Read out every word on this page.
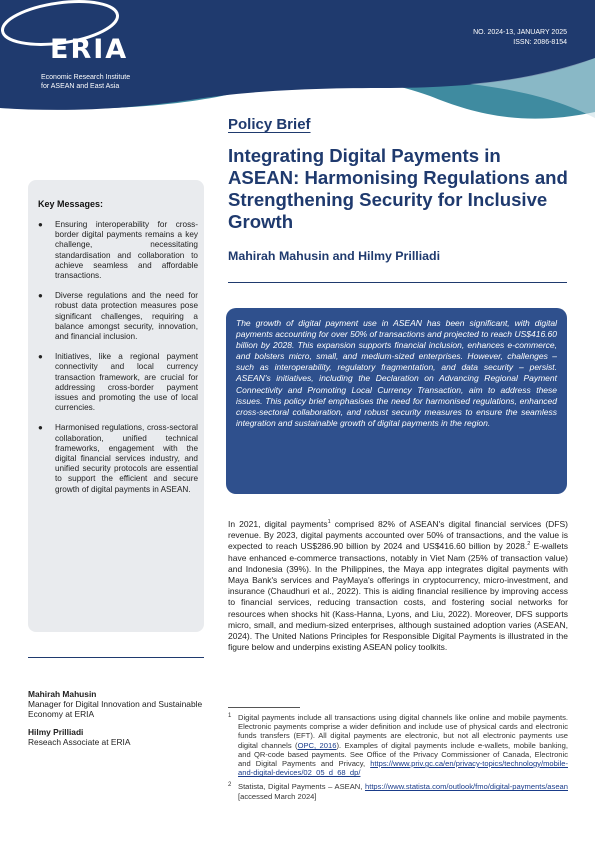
ERIA
Economic Research Institute
for ASEAN and East Asia
NO. 2024-13, JANUARY 2025
ISSN: 2086-8154
Policy Brief
Integrating Digital Payments in ASEAN: Harmonising Regulations and Strengthening Security for Inclusive Growth
Mahirah Mahusin and Hilmy Prilliadi
Key Messages:
● Ensuring interoperability for cross-border digital payments remains a key challenge, necessitating standardisation and collaboration to achieve seamless and affordable transactions.
● Diverse regulations and the need for robust data protection measures pose significant challenges, requiring a balance amongst security, innovation, and financial inclusion.
● Initiatives, like a regional payment connectivity and local currency transaction framework, are crucial for addressing cross-border payment issues and promoting the use of local currencies.
● Harmonised regulations, cross-sectoral collaboration, unified technical frameworks, engagement with the digital financial services industry, and unified security protocols are essential to support the efficient and secure growth of digital payments in ASEAN.
Mahirah Mahusin
Manager for Digital Innovation and Sustainable Economy at ERIA
Hilmy Prilliadi
Reseach Associate at ERIA

The growth of digital payment use in ASEAN has been significant, with digital payments accounting for over 50% of transactions and projected to reach US$416.60 billion by 2028. This expansion supports financial inclusion, enhances e-commerce, and bolsters micro, small, and medium-sized enterprises. However, challenges – such as interoperability, regulatory fragmentation, and data security – persist. ASEAN's initiatives, including the Declaration on Advancing Regional Payment Connectivity and Promoting Local Currency Transaction, aim to address these issues. This policy brief emphasises the need for harmonised regulations, enhanced cross-sectoral collaboration, and robust security measures to ensure the seamless integration and sustainable growth of digital payments in the region.

In 2021, digital payments$^1$ comprised 82% of ASEAN's digital financial services (DFS) revenue. By 2023, digital payments accounted over 50% of transactions, and the value is expected to reach US$286.90 billion by 2024 and US$416.60 billion by 2028.$^2$ E-wallets have enhanced e-commerce transactions, notably in Viet Nam (25% of transaction value) and Indonesia (39%). In the Philippines, the Maya app integrates digital payments with Maya Bank's services and PayMaya's offerings in cryptocurrency, micro-investment, and insurance (Chaudhuri et al., 2022). This is aiding financial resilience by improving access to financial services, reducing transaction costs, and fostering social networks for resources when shocks hit (Kass-Hanna, Lyons, and Liu, 2022). Moreover, DFS supports micro, small, and medium-sized enterprises, although sustained adoption varies (ASEAN, 2024). The United Nations Principles for Responsible Digital Payments is illustrated in the figure below and underpins existing ASEAN policy toolkits.

1 Digital payments include all transactions using digital channels like online and mobile payments. Electronic payments comprise a wider definition and include use of physical cards and electronic funds transfers (EFT). All digital payments are electronic, but not all electronic payments use digital channels (OPC, 2016). Examples of digital payments include e-wallets, mobile banking, and QR-code based payments. See Office of the Privacy Commissioner of Canada, Electronic and Digital Payments and Privacy, https://www.priv.gc.ca/en/privacy-topics/technology/mobile-and-digital-devices/02_05_d_68_dp/
2 Statista, Digital Payments – ASEAN, https://www.statista.com/outlook/fmo/digital-payments/asean [accessed March 2024]
